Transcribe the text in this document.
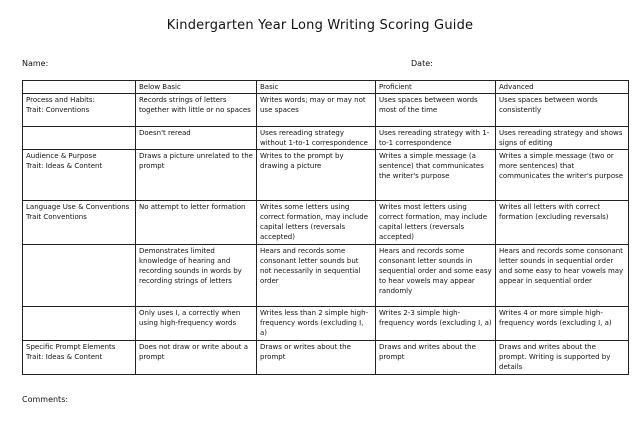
Kindergarten Year Long Writing Scoring Guide
Name:	Date:
	Below Basic	Basic	Proficient	Advanced
Process and Habits:
Trait: Conventions	Records strings of letters together with little or no spaces	Writes words; may or may not use spaces	Uses spaces between words most of the time	Uses spaces between words consistently
	Doesn't reread	Uses rereading strategy without 1-to-1 correspondence	Uses rereading strategy with 1-to-1 correspondence	Uses rereading strategy and shows signs of editing
Audience & Purpose
Trait: Ideas & Content	Draws a picture unrelated to the prompt	Writes to the prompt by drawing a picture	Writes a simple message (a sentence) that communicates the writer's purpose	Writes a simple message (two or more sentences) that communicates the writer's purpose
Language Use & Conventions
Trait Conventions	No attempt to letter formation	Writes some letters using correct formation, may include capital letters (reversals accepted)	Writes most letters using correct formation, may include capital letters (reversals accepted)	Writes all letters with correct formation (excluding reversals)
	Demonstrates limited knowledge of hearing and recording sounds in words by recording strings of letters	Hears and records some consonant letter sounds but not necessarily in sequential order	Hears and records some consonant letter sounds in sequential order and some easy to hear vowels may appear randomly	Hears and records some consonant letter sounds in sequential order and some easy to hear vowels may appear in sequential order
	Only uses I, a correctly when using high-frequency words	Writes less than 2 simple high-frequency words (excluding I, a)	Writes 2-3 simple high-frequency words (excluding I, a)	Writes 4 or more simple high-frequency words (excluding I, a)
Specific Prompt Elements
Trait: Ideas & Content	Does not draw or write about a prompt	Draws or writes about the prompt	Draws and writes about the prompt	Draws and writes about the prompt. Writing is supported by details
Comments:
